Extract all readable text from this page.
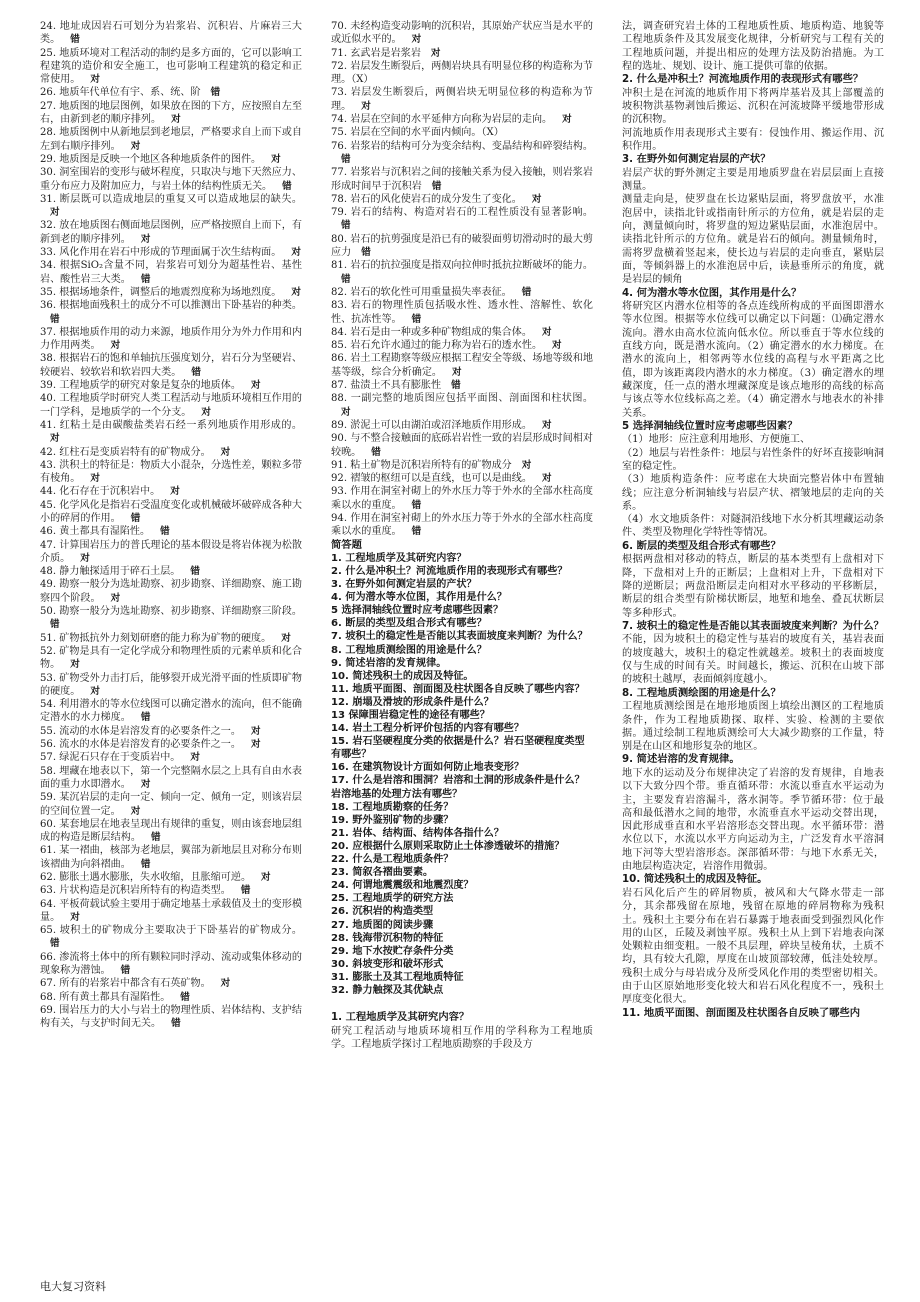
24. 地址成因岩石可划分为岩浆岩、沉积岩、片麻岩三大类。 错

25. 地质环境对工程活动的制约是多方面的，它可以影响工程建筑的造价和安全施工，也可影响工程建筑的稳定和正常使用。 对

26. 地质年代单位有宇、系、统、阶 错

27. 地质图的地层图例，如果放在图的下方，应按照自左至右，由新到老的顺序排列。 对

28. 地质图例中从新地层到老地层，严格要求自上而下或自左到右顺序排列。 对

29. 地质图是反映一个地区各种地质条件的图件。 对

30. 洞室围岩的变形与破坏程度，只取决与地下天然应力、重分布应力及附加应力，与岩土体的结构性质无关。 错

31. 断层既可以造成地层的重复又可以造成地层的缺失。对

32. 放在地质图右侧面地层图例，应严格按照自上而下，有新到老的顺序排列。 对

33. 风化作用在岩石中形成的节理面属于次生结构面。 对

34. 根据SiO₂含量不同，岩浆岩可划分为超基性岩、基性岩、酸性岩三大类。 错

35. 根据场地条件，调整后的地震烈度称为场地烈度。 对

36. 根据地面残积土的成分不可以推测出下卧基岩的种类。错

37. 根据地质作用的动力来源，地质作用分为外力作用和内力作用两类。 对

38. 根据岩石的饱和单轴抗压强度划分，岩石分为坚硬岩、较硬岩、较软岩和软岩四大类。 错

39. 工程地质学的研究对象是复杂的地质体。 对

40. 工程地质学时研究人类工程活动与地质环境相互作用的一门学科，是地质学的一个分支。 对

41. 红粘土是由碳酸盐类岩石经一系列地质作用形成的。对

42. 红柱石是变质岩特有的矿物成分。 对

43. 洪积土的特征是：物质大小混杂，分选性差，颗粒多带有棱角。 对

44. 化石存在于沉积岩中。 对

45. 化学风化是指岩石受温度变化或机械破坏破碎成各种大小的碎屑的作用。 错

46. 黄土都具有湿陷性。 错

47. 计算围岩压力的普氏理论的基本假设是将岩体视为松散介质。 对

48. 静力触探适用于碎石土层。 错

49. 勘察一般分为选址勘察、初步勘察、详细勘察、施工勘察四个阶段。 对

50. 勘察一般分为选址勘察、初步勘察、详细勘察三阶段。错

51. 矿物抵抗外力刻划研磨的能力称为矿物的硬度。 对

52. 矿物是具有一定化学成分和物理性质的元素单质和化合物。 对

53. 矿物受外力击打后，能够裂开成光滑平面的性质即矿物的硬度。 对

54. 利用潜水的等水位线图可以确定潜水的流向，但不能确定潜水的水力梯度。 错

55. 流动的水体是岩溶发育的必要条件之一。 对

56. 流水的水体是岩溶发育的必要条件之一。 对

57. 绿泥石只存在于变质岩中。 对

58. 埋藏在地表以下，第一个完整隔水层之上具有自由水表面的重力水即潜水。 对

59. 某沉岩层的走向一定、倾向一定、倾角一定，则该岩层的空间位置一定。 对

60. 某套地层在地表呈现出有规律的重复，则由该套地层组成的构造是断层结构。 错

61. 某一褶曲，核部为老地层，翼部为新地层且对称分布则该褶曲为向斜褶曲。 错

62. 膨胀土遇水膨胀，失水收缩，且胀缩可逆。 对

63. 片状构造是沉积岩所特有的构造类型。 错

64. 平板荷载试验主要用于确定地基土承载值及土的变形模量。 对

65. 坡积土的矿物成分主要取决于下卧基岩的矿物成分。错

66. 渗流将土体中的所有颗粒同时浮动、流动或集体移动的现象称为潜蚀。 错

67. 所有的岩浆岩中都含有石英矿物。 对

68. 所有黄土都具有湿陷性。 错

69. 围岩压力的大小与岩土的物理性质、岩体结构、支护结构有关，与支护时间无关。 错

70. 未经构造变动影响的沉积岩，其原始产状应当是水平的或近似水平的。 对

71. 玄武岩是岩浆岩 对

72. 岩层发生断裂后，两侧岩块具有明显位移的构造称为节理。（X）

73. 岩层发生断裂后，两侧岩块无明显位移的构造称为节理。 对

74. 岩层在空间的水平延伸方向称为岩层的走向。 对

75. 岩层在空间的水平面内倾向。（X）

76. 岩浆岩的结构可分为变余结构、变晶结构和碎裂结构。错

77. 岩浆岩与沉积岩之间的接触关系为侵入接触，则岩浆岩形成时间早于沉积岩 错

78. 岩石的风化使岩石的成分发生了变化。 对

79. 岩石的结构、构造对岩石的工程性质没有显著影响。错

80. 岩石的抗剪强度是沿已有的破裂面剪切滑动时的最大剪应力 错

81. 岩石的抗拉强度是指双向拉伸时抵抗拉断破坏的能力。错

82. 岩石的软化性可用重量损失率表征。 错

83. 岩石的物理性质包括吸水性、透水性、溶解性、软化性、抗冻性等。 错

84. 岩石是由一种或多种矿物组成的集合体。 对

85. 岩石允许水通过的能力称为岩石的透水性。 对

86. 岩土工程勘察等级应根据工程安全等级、场地等级和地基等级，综合分析确定。 对

87. 盐渍土不具有膨胀性 错

88. 一副完整的地质图应包括平面图、剖面图和柱状图。对

89. 淤泥土可以由湖泊或沼泽地质作用形成。 对

90. 与不整合接触面的底砾岩岩性一致的岩层形成时间相对较晚。 错

91. 粘土矿物是沉积岩所特有的矿物成分 对

92. 褶皱的枢纽可以是直线，也可以是曲线。 对

93. 作用在洞室衬砌上的外水压力等于外水的全部水柱高度乘以水的重度。 错

94. 作用在洞室衬砌上的外水压力等于外水的全部水柱高度乘以水的重度。 错

简答题

1. 工程地质学及其研究内容？

2. 什么是冲积土？河流地质作用的表现形式有哪些？

3. 在野外如何测定岩层的产状？

4. 何为潜水等水位图，其作用是什么？

5 选择洞轴线位置时应考虑哪些因素？

6. 断层的类型及组合形式有哪些？

7. 坡积土的稳定性是否能以其表面坡度来判断？为什么？

8. 工程地质测绘图的用途是什么？

9. 简述岩溶的发育规律。

10. 简述残积土的成因及特征。

11. 地质平面图、剖面图及柱状图各自反映了哪些内容？

12. 崩塌及滑坡的形成条件是什么？

13 保障围岩稳定性的途径有哪些？

14. 岩土工程分析评价包括的内容有哪些？

15. 岩石坚硬程度分类的依据是什么？岩石坚硬程度类型有哪些？

16. 在建筑物设计方面如何防止地表变形？

17. 什么是岩溶和围洞？岩溶和土洞的形成条件是什么？岩溶地基的处理方法有哪些？

18. 工程地质勘察的任务？

19. 野外鉴别矿物的步骤？

21. 岩体、结构面、结构体各指什么？

20. 应根据什么原则采取防止土体渗透破坏的措施？

22. 什么是工程地质条件？

23. 简叙各褶曲要素。

24. 何谓地震震级和地震烈度？

25. 工程地质学的研究方法

26. 沉积岩的构造类型

27. 地质图的阅读步骤

28. 钱海带沉积物的特征

29. 地下水按贮存条件分类

30. 斜坡变形和破坏形式

31. 膨胀土及其工程地质特征

32. 静力触探及其优缺点

1. 工程地质学及其研究内容？

研究工程活动与地质环境相互作用的学科称为工程地质学。工程地质学探讨工程地质勘察的手段及方

法，调查研究岩土体的工程地质性质、地质构造、地貌等工程地质条件及其发展变化规律，分析研究与工程有关的工程地质问题，并提出相应的处理方法及防治措施。为工程的选址、规划、设计、施工提供可靠的依据。

2. 什么是冲积土？河流地质作用的表现形式有哪些？

冲积土是在河流的地质作用下将两岸基岩及其上部覆盖的坡积物洪基物剥蚀后搬运、沉积在河流坡降平缓地带形成的沉积物。

河流地质作用表现形式主要有：侵蚀作用、搬运作用、沉积作用。

3. 在野外如何测定岩层的产状？

岩层产状的野外测定主要是用地质罗盘在岩层层面上直接测量。

测量走向是，使罗盘在长边紧贴层面，将罗盘放平，水准泡居中，读指北针或指南针所示的方位角，就是岩层的走向，测量倾向时，将罗盘的短边紧贴层面，水准泡居中。读指北针所示的方位角。就是岩石的倾向。测量倾角时，需将罗盘横着竖起来，使长边与岩层的走向垂直，紧贴层面，等倾斜器上的水准泡居中后，读悬垂所示的角度，就是岩层的倾角

4. 何为潜水等水位图，其作用是什么？

将研究区内潜水位相等的各点连线所构成的平面图即潜水等水位图。根据等水位线可以确定以下问题：⑴确定潜水流向。潜水由高水位流向低水位。所以垂直于等水位线的直线方向，既是潜水流向。（2）确定潜水的水力梯度。在潜水的流向上，相邻两等水位线的高程与水平距离之比值，即为该距离段内潜水的水力梯度。（3）确定潜水的埋藏深度，任一点的潜水埋藏深度是该点地形的高线的标高与该点等水位线标高之差。（4）确定潜水与地表水的补排关系。

5 选择洞轴线位置时应考虑哪些因素？

（1）地形：应注意利用地形、方便施工、

（2）地层与岩性条件：地层与岩性条件的好坏直接影响洞室的稳定性。

（3）地质构造条件：应考虑在大块面完整岩体中布置轴线；应注意分析洞轴线与岩层产状、褶皱地层的走向的关系。

（4）水文地质条件：对隧洞沿线地下水分析其埋藏运动条件、类型及物理化学特性等情况。

6. 断层的类型及组合形式有哪些？

根据两盘相对移动的特点，断层的基本类型有上盘相对下降，下盘相对上升的正断层；上盘相对上升，下盘相对下降的逆断层；两盘沿断层走向相对水平移动的平移断层，断层的组合类型有阶梯状断层，地堑和地垒、叠瓦状断层等多种形式。

7. 坡积土的稳定性是否能以其表面坡度来判断？为什么？

不能，因为坡积土的稳定性与基岩的坡度有关，基岩表面的坡度越大，坡积土的稳定性就越差。坡积土的表面坡度仅与生成的时间有关。时间越长，搬运、沉积在山坡下部的坡积土越厚，表面倾斜度越小。

8. 工程地质测绘图的用途是什么？

工程地质测绘图是在地形地质图上填绘出测区的工程地质条件，作为工程地质勘探、取样、实验、检测的主要依据。通过绘制工程地质测绘可大大减少勘察的工作量，特别是在山区和地形复杂的地区。

9. 简述岩溶的发育规律。

地下水的运动及分布规律决定了岩溶的发育规律，自地表以下大致分四个带。垂直循环带：水流以垂直水平运动为主，主要发育岩溶漏斗，落水洞等。季节循环带：位于最高和最低潜水之间的地带，水流垂直水平运动交替出现，因此形成垂直和水平岩溶形态交替出现。水平循环带：潜水位以下，水流以水平方向运动为主，广泛发育水平溶洞地下河等大型岩溶形态。深部循环带：与地下水系无关，由地层构造决定，岩溶作用微弱。

10. 简述残积土的成因及特征。

岩石风化后产生的碎屑物质，被风和大气降水带走一部分，其余都残留在原地，残留在原地的碎屑物称为残积土。残积土主要分布在岩石暴露于地表面受到强烈风化作用的山区，丘陵及剥蚀平原。残积土从上到下岩地表向深处颗粒由细变粗。一般不具层理，碎块呈棱角状，土质不均，具有较大孔隙，厚度在山坡顶部较薄，低洼处较厚。残积土成分与母岩成分及所受风化作用的类型密切相关。由于山区原始地形变化较大和岩石风化程度不一，残积土厚度变化很大。

11. 地质平面图、剖面图及柱状图各自反映了哪些内

电大复习资料
